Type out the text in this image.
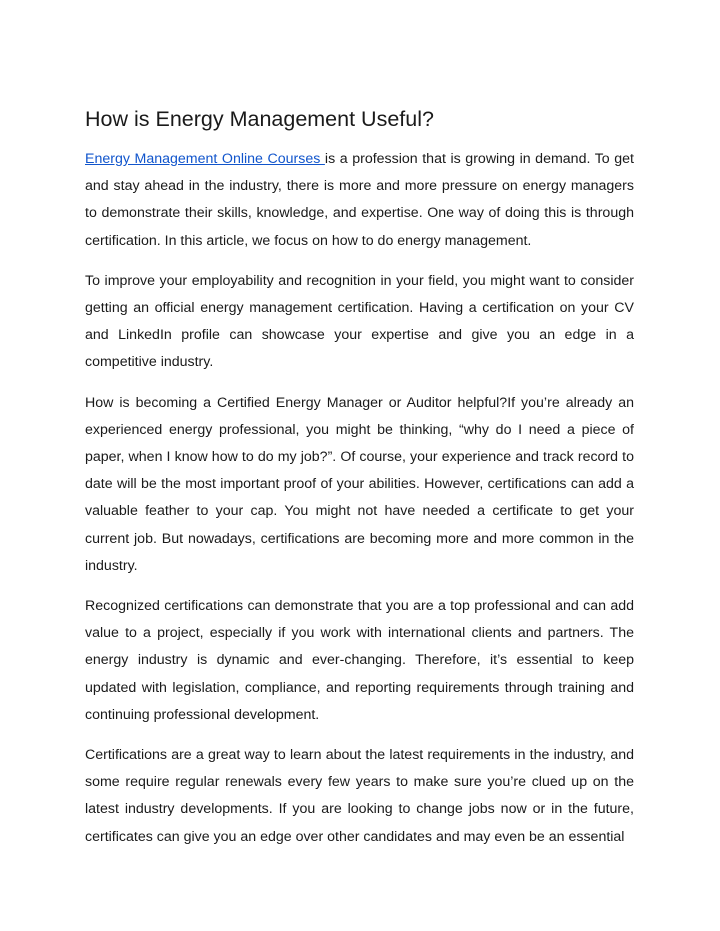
How is Energy Management Useful?

Energy Management Online Courses is a profession that is growing in demand. To get and stay ahead in the industry, there is more and more pressure on energy managers to demonstrate their skills, knowledge, and expertise. One way of doing this is through certification. In this article, we focus on how to do energy management.

To improve your employability and recognition in your field, you might want to consider getting an official energy management certification. Having a certification on your CV and LinkedIn profile can showcase your expertise and give you an edge in a competitive industry.

How is becoming a Certified Energy Manager or Auditor helpful?If you’re already an experienced energy professional, you might be thinking, “why do I need a piece of paper, when I know how to do my job?”. Of course, your experience and track record to date will be the most important proof of your abilities. However, certifications can add a valuable feather to your cap. You might not have needed a certificate to get your current job. But nowadays, certifications are becoming more and more common in the industry.

Recognized certifications can demonstrate that you are a top professional and can add value to a project, especially if you work with international clients and partners. The energy industry is dynamic and ever-changing. Therefore, it’s essential to keep updated with legislation, compliance, and reporting requirements through training and continuing professional development.

Certifications are a great way to learn about the latest requirements in the industry, and some require regular renewals every few years to make sure you’re clued up on the latest industry developments. If you are looking to change jobs now or in the future, certificates can give you an edge over other candidates and may even be an essential
